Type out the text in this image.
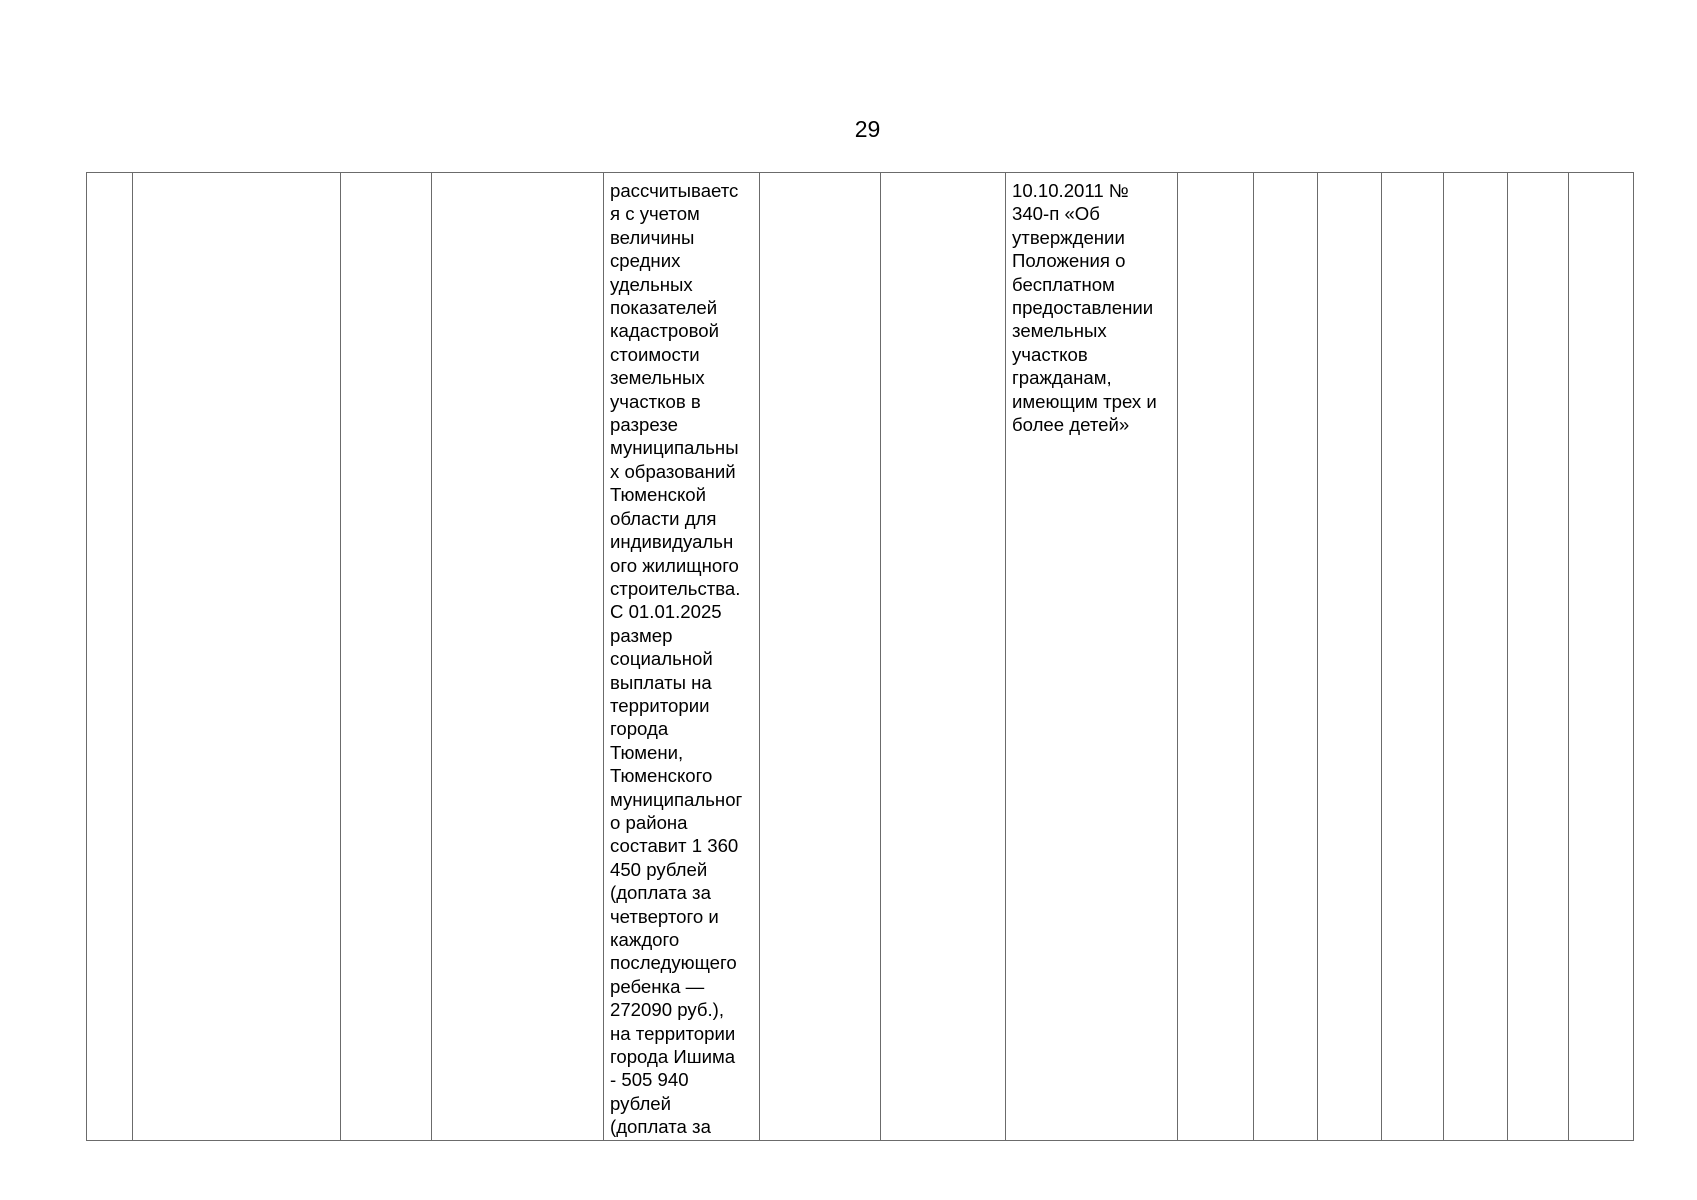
29
				рассчитываетс
я с учетом
величины
средних
удельных
показателей
кадастровой
стоимости
земельных
участков в
разрезе
муниципальны
х образований
Тюменской
области для
индивидуальн
ого жилищного
строительства.
С 01.01.2025
размер
социальной
выплаты на
территории
города
Тюмени,
Тюменского
муниципальног
о района
составит 1 360
450 рублей
(доплата за
четвертого и
каждого
последующего
ребенка —
272090 руб.),
на территории
города Ишима
- 505 940
рублей
(доплата за			10.10.2011 №
340-п «Об
утверждении
Положения о
бесплатном
предоставлении
земельных
участков
гражданам,
имеющим трех и
более детей»							
